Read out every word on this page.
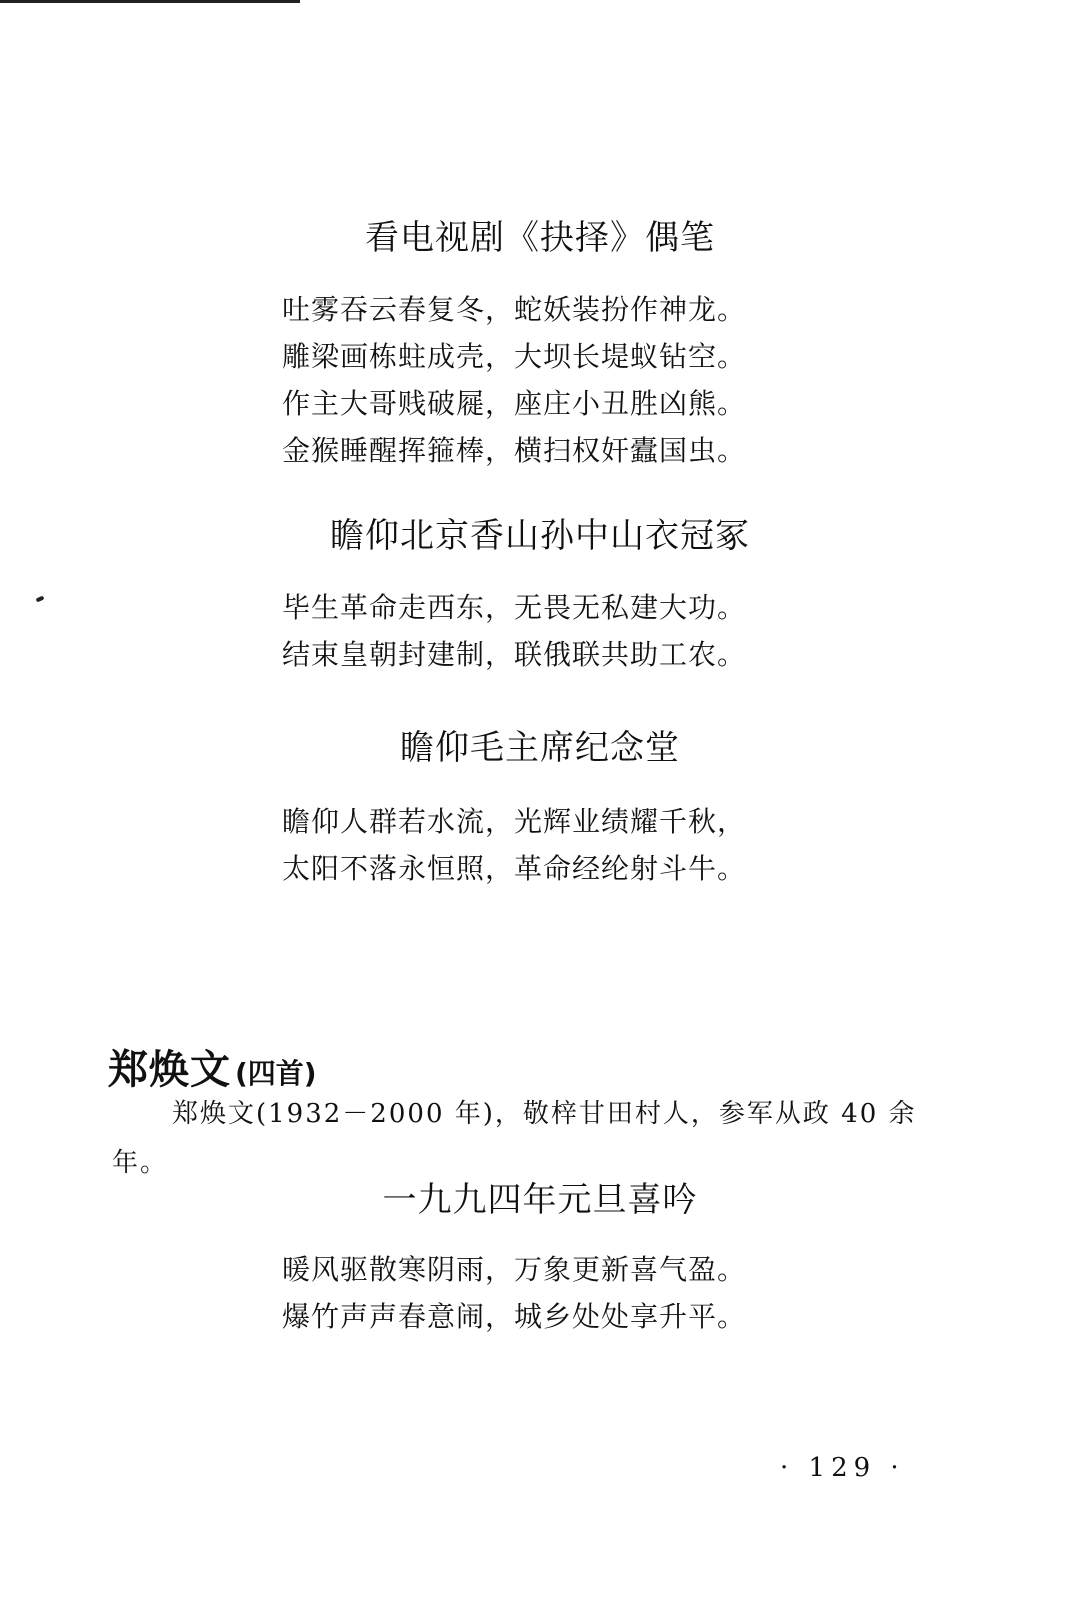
看电视剧《抉择》偶笔
吐雾吞云春复冬，蛇妖装扮作神龙。
雕梁画栋蛀成壳，大坝长堤蚁钻空。
作主大哥贱破屣，座庄小丑胜凶熊。
金猴睡醒挥箍棒，横扫权奸蠹国虫。
瞻仰北京香山孙中山衣冠冢
毕生革命走西东，无畏无私建大功。
结束皇朝封建制，联俄联共助工农。
瞻仰毛主席纪念堂
瞻仰人群若水流，光辉业绩耀千秋，
太阳不落永恒照，革命经纶射斗牛。
郑焕文 (四首)
郑焕文(1932－2000 年)，敬梓甘田村人，参军从政 40 余年。
一九九四年元旦喜吟
暖风驱散寒阴雨，万象更新喜气盈。
爆竹声声春意闹，城乡处处享升平。
· 129 ·
